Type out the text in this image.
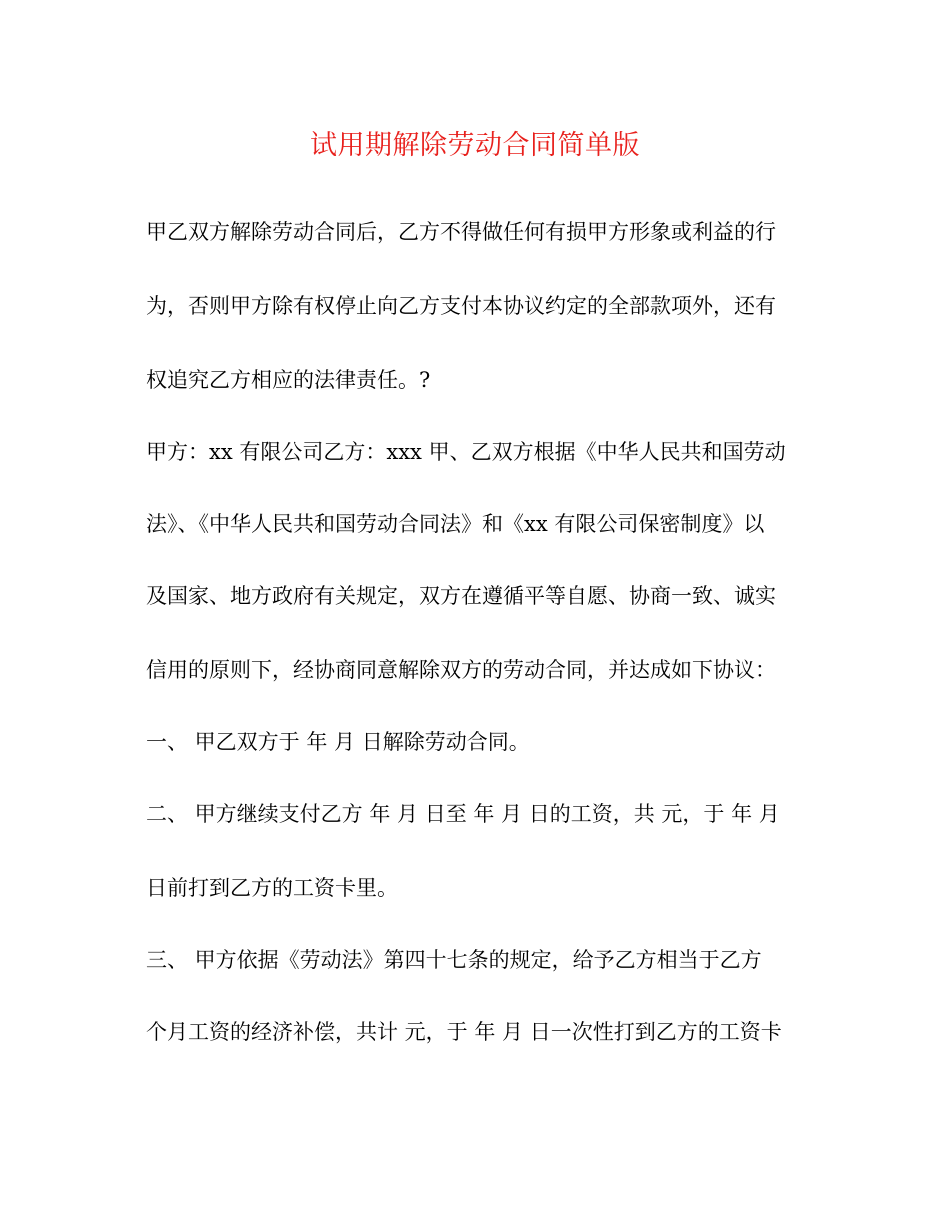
试用期解除劳动合同简单版
甲乙双方解除劳动合同后，乙方不得做任何有损甲方形象或利益的行
为，否则甲方除有权停止向乙方支付本协议约定的全部款项外，还有
权追究乙方相应的法律责任。?
甲方：xx 有限公司乙方：xxx 甲、乙双方根据《中华人民共和国劳动
法》、《中华人民共和国劳动合同法》和《xx 有限公司保密制度》以
及国家、地方政府有关规定，双方在遵循平等自愿、协商一致、诚实
信用的原则下，经协商同意解除双方的劳动合同，并达成如下协议：
一、 甲乙双方于 年 月 日解除劳动合同。
二、 甲方继续支付乙方 年 月 日至 年 月 日的工资，共 元，于 年 月
日前打到乙方的工资卡里。
三、 甲方依据《劳动法》第四十七条的规定，给予乙方相当于乙方
个月工资的经济补偿，共计 元，于 年 月 日一次性打到乙方的工资卡
